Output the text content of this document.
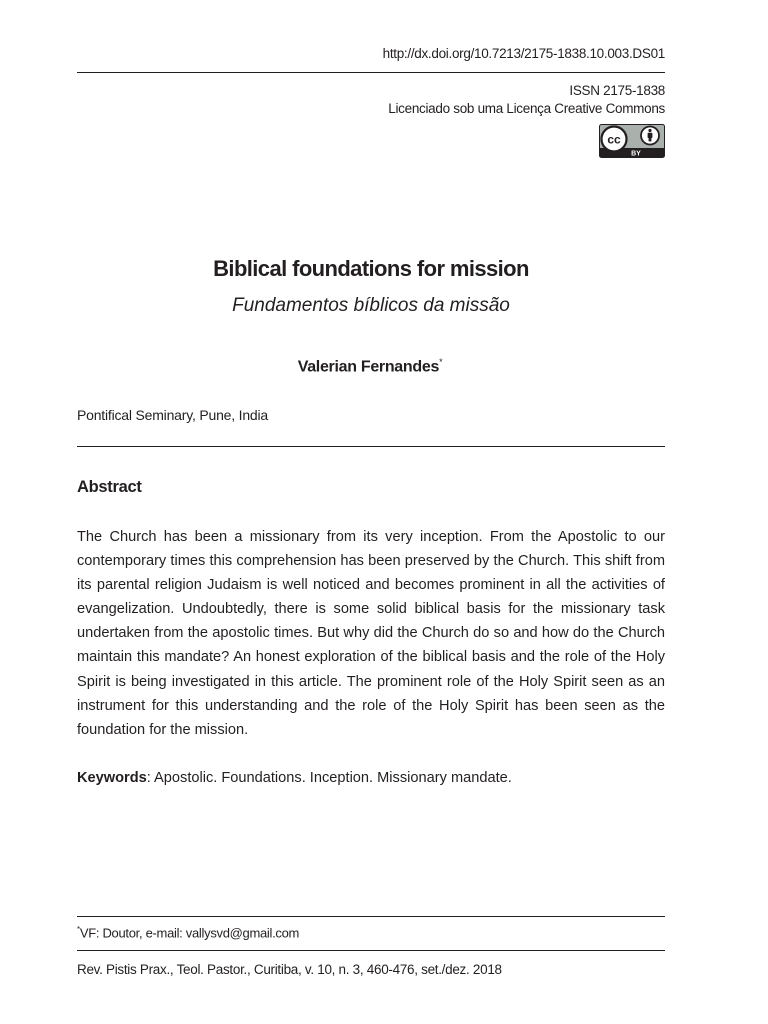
http://dx.doi.org/10.7213/2175-1838.10.003.DS01
ISSN 2175-1838
Licenciado sob uma Licença Creative Commons
cc
BY
Biblical foundations for mission
Fundamentos bíblicos da missão
Valerian Fernandes*
Pontifical Seminary, Pune, India
Abstract
The Church has been a missionary from its very inception. From the Apostolic to our contemporary times this comprehension has been preserved by the Church. This shift from its parental religion Judaism is well noticed and becomes prominent in all the activities of evangelization. Undoubtedly, there is some solid biblical basis for the missionary task undertaken from the apostolic times. But why did the Church do so and how do the Church maintain this mandate? An honest exploration of the biblical basis and the role of the Holy Spirit is being investigated in this article. The prominent role of the Holy Spirit seen as an instrument for this understanding and the role of the Holy Spirit has been seen as the foundation for the mission.
Keywords: Apostolic. Foundations. Inception. Missionary mandate.
*VF: Doutor, e-mail: vallysvd@gmail.com
Rev. Pistis Prax., Teol. Pastor., Curitiba, v. 10, n. 3, 460-476, set./dez. 2018
